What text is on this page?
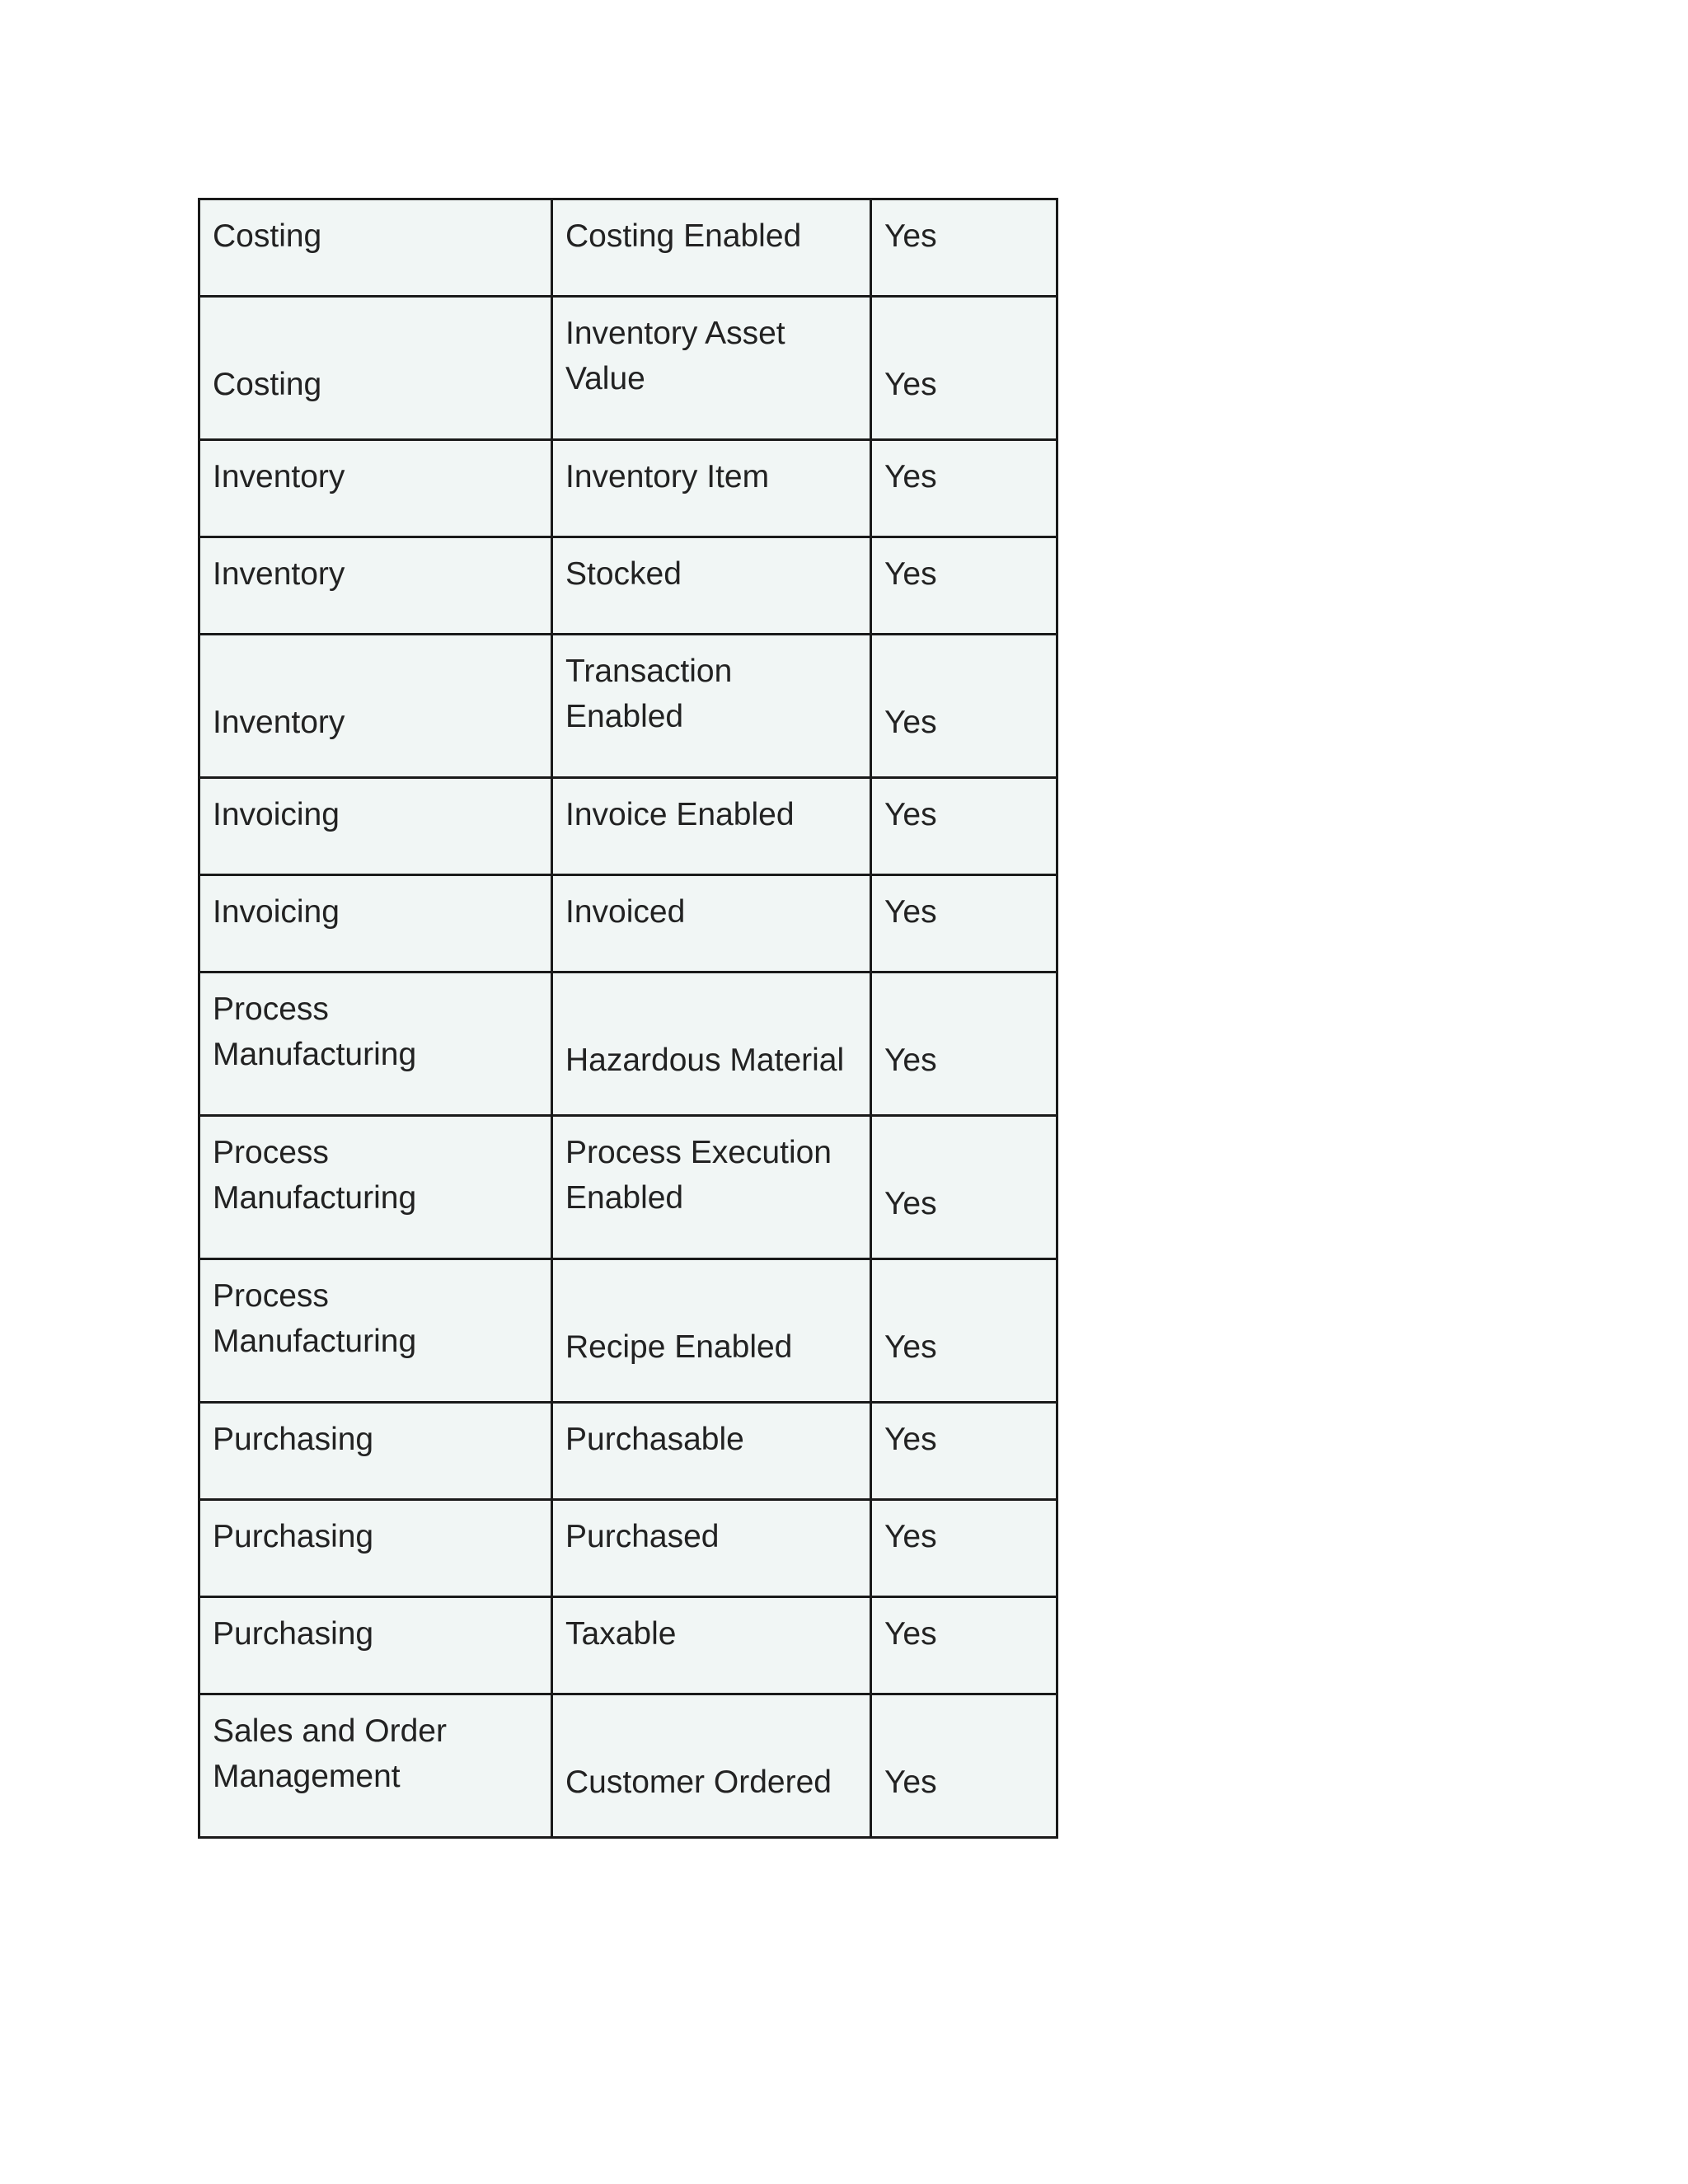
Costing	Costing Enabled	Yes

Costing	Inventory Asset Value	Yes

Inventory	Inventory Item	Yes

Inventory	Stocked	Yes

Inventory	Transaction Enabled	Yes

Invoicing	Invoice Enabled	Yes

Invoicing	Invoiced	Yes

Process Manufacturing	Hazardous Material	Yes

Process Manufacturing	Process Execution Enabled	Yes

Process Manufacturing	Recipe Enabled	Yes

Purchasing	Purchasable	Yes

Purchasing	Purchased	Yes

Purchasing	Taxable	Yes

Sales and Order Management	Customer Ordered	Yes
